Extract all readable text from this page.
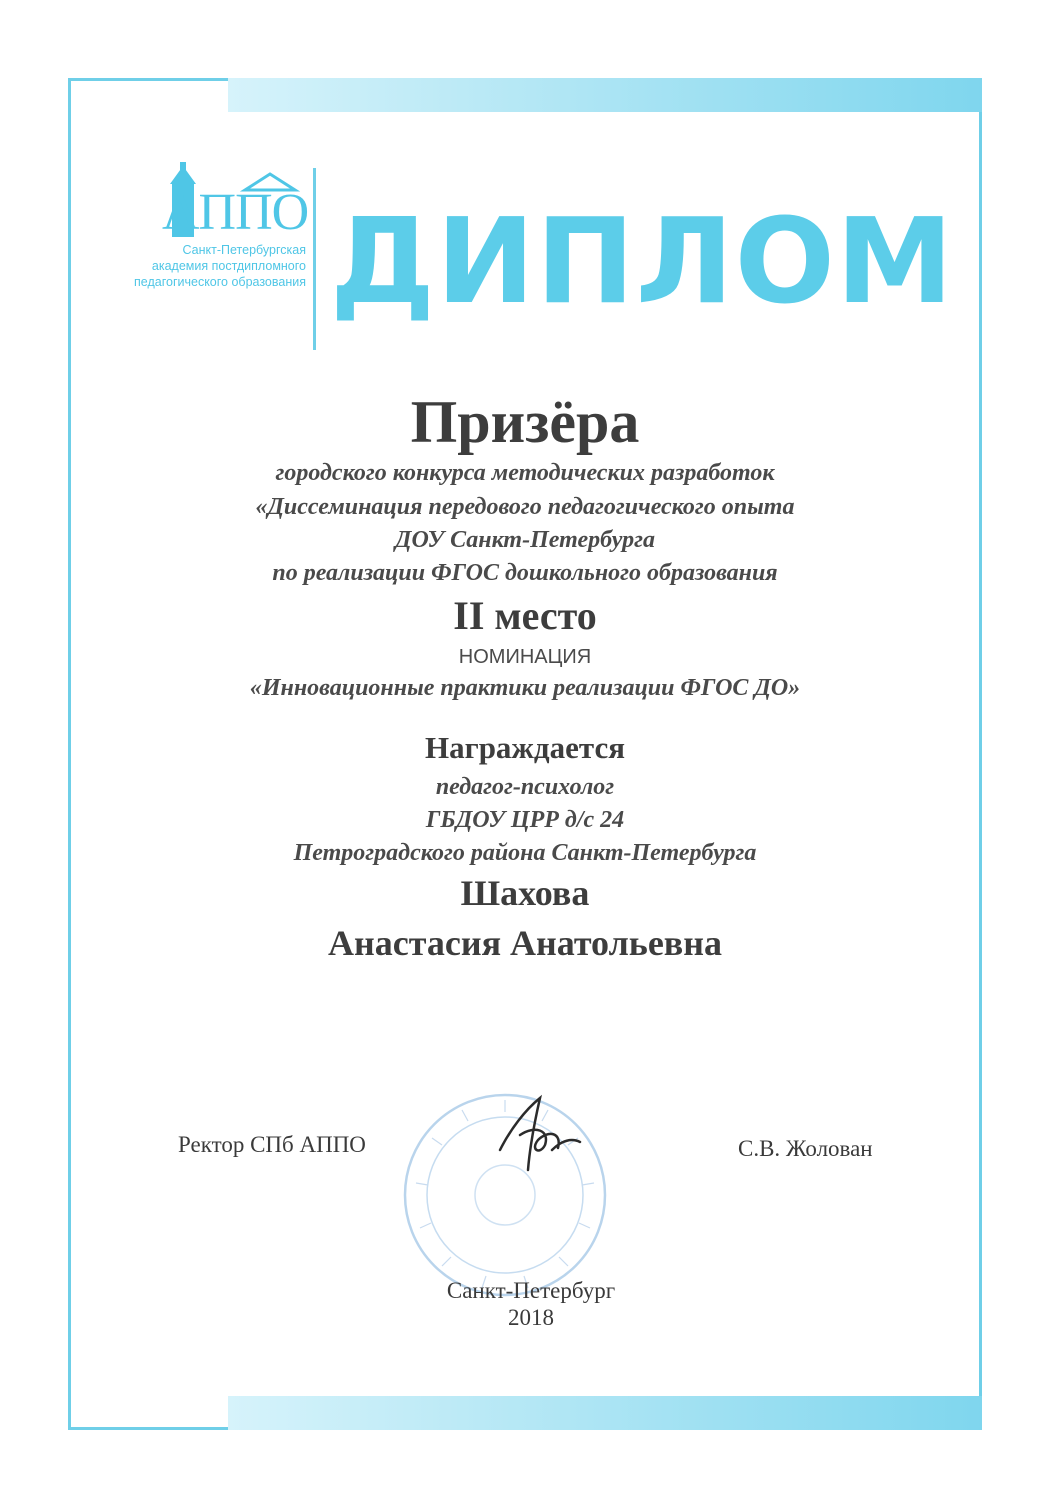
АППО
Санкт-Петербургская
академия постдипломного
педагогического образования ДИПЛОМ
Призёра
городского конкурса методических разработок
«Диссеминация передового педагогического опыта
ДОУ Санкт-Петербурга
по реализации ФГОС дошкольного образования
II место
НОМИНАЦИЯ
«Инновационные практики реализации ФГОС ДО»
Награждается
педагог-психолог
ГБДОУ ЦРР д/с 24
Петроградского района Санкт-Петербурга
Шахова
Анастасия Анатольевна
Ректор СПб АППО	С.В. Жолован
Санкт-Петербург
2018
